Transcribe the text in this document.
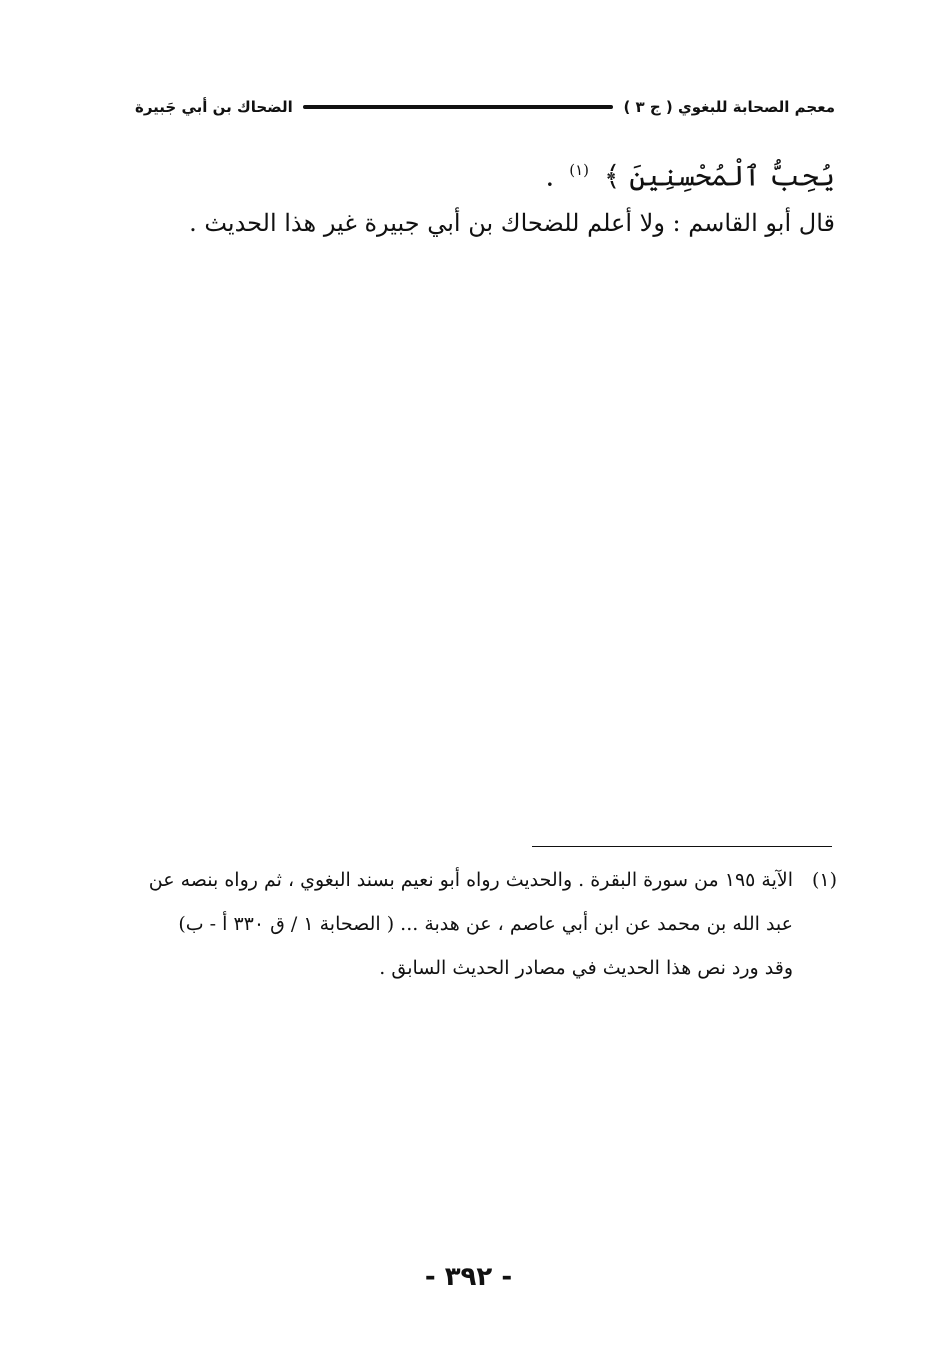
معجم الصحابة للبغوي ( ج ٣ )
الضحاك بن أبي جَبيرة
يُحِبُّ ٱلْمُحْسِنِينَ ﴾ $^{(١)}$ .
قال أبو القاسم : ولا أعلم للضحاك بن أبي جبيرة غير هذا الحديث .
(١)
الآية ١٩٥ من سورة البقرة . والحديث رواه أبو نعيم بسند البغوي ، ثم رواه بنصه عن
عبد الله بن محمد عن ابن أبي عاصم ، عن هدبة ... ( الصحابة ١ / ق ٣٣٠ أ - ب)
وقد ورد نص هذا الحديث في مصادر الحديث السابق .
- ٣٩٢ -
